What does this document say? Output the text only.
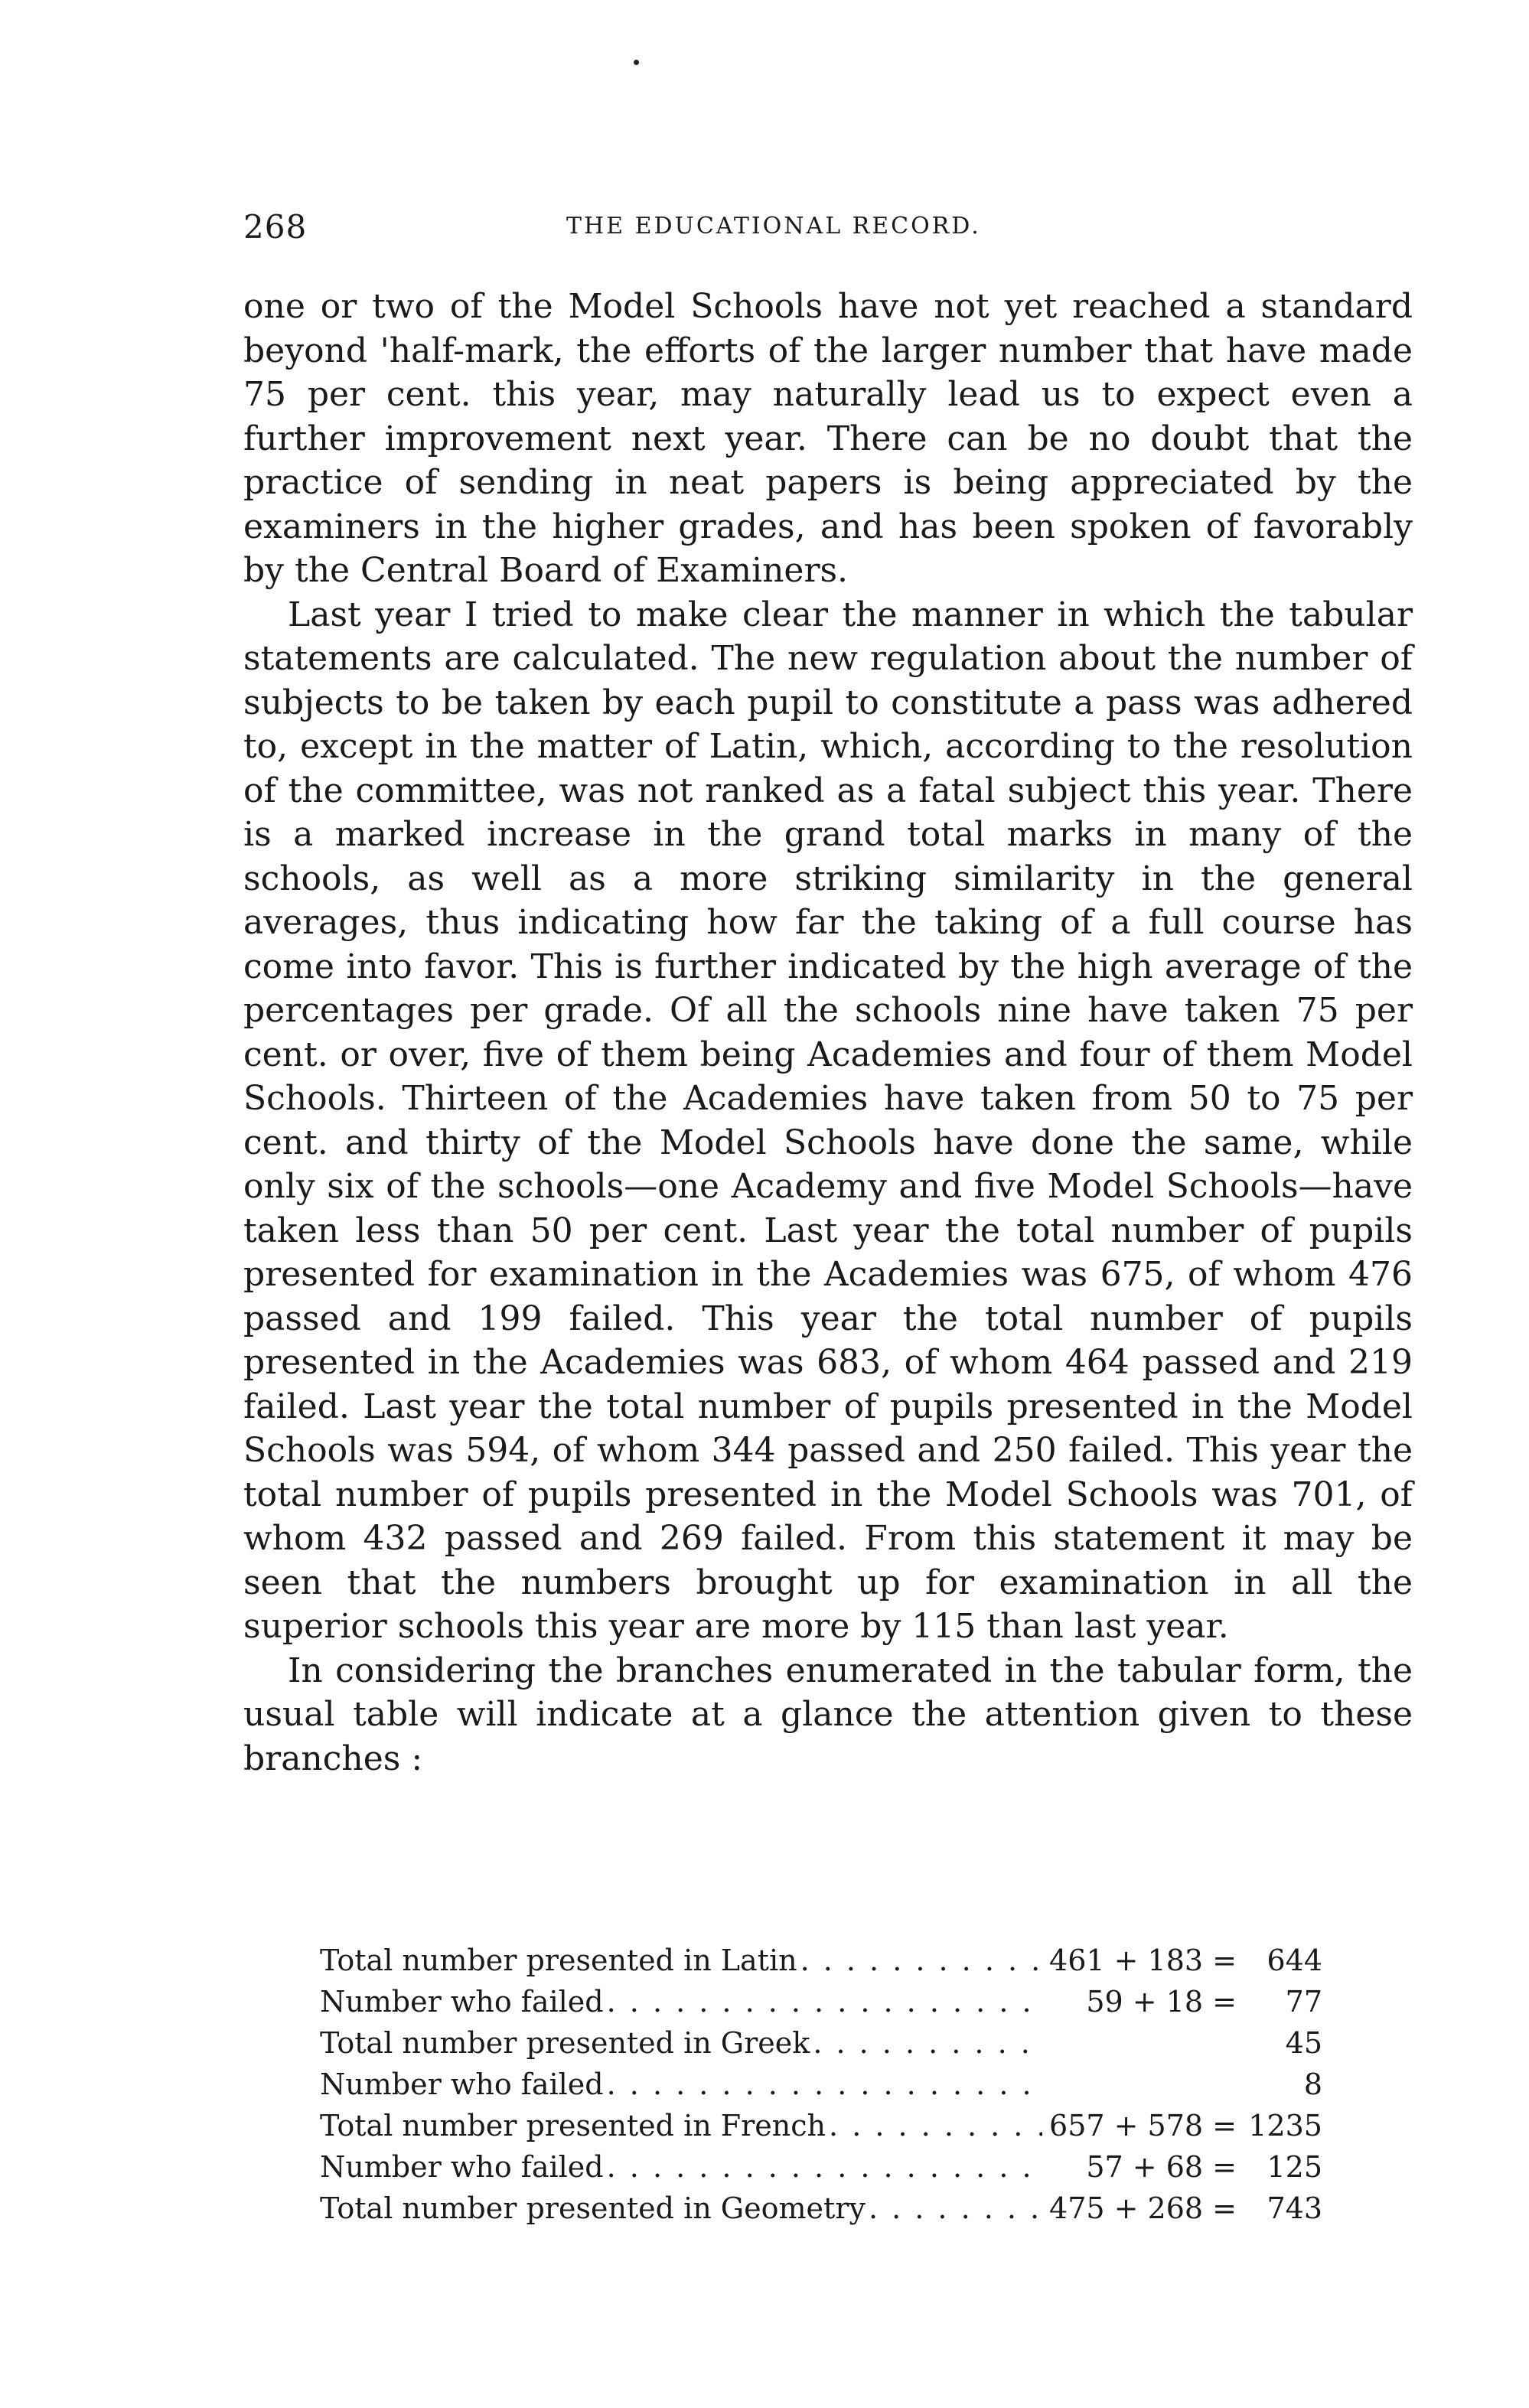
268	THE EDUCATIONAL RECORD.

one or two of the Model Schools have not yet reached a standard beyond 'half-mark, the efforts of the larger number that have made 75 per cent. this year, may naturally lead us to expect even a further improvement next year. There can be no doubt that the practice of sending in neat papers is being appreciated by the examiners in the higher grades, and has been spoken of favorably by the Central Board of Examiners.

Last year I tried to make clear the manner in which the tabular statements are calculated. The new regulation about the number of subjects to be taken by each pupil to constitute a pass was adhered to, except in the matter of Latin, which, according to the resolution of the committee, was not ranked as a fatal subject this year. There is a marked increase in the grand total marks in many of the schools, as well as a more striking similarity in the general averages, thus indicating how far the taking of a full course has come into favor. This is further indicated by the high average of the percentages per grade. Of all the schools nine have taken 75 per cent. or over, five of them being Academies and four of them Model Schools. Thirteen of the Academies have taken from 50 to 75 per cent. and thirty of the Model Schools have done the same, while only six of the schools—one Academy and five Model Schools—have taken less than 50 per cent. Last year the total number of pupils presented for examination in the Academies was 675, of whom 476 passed and 199 failed. This year the total number of pupils presented in the Academies was 683, of whom 464 passed and 219 failed. Last year the total number of pupils presented in the Model Schools was 594, of whom 344 passed and 250 failed. This year the total number of pupils presented in the Model Schools was 701, of whom 432 passed and 269 failed. From this statement it may be seen that the numbers brought up for examination in all the superior schools this year are more by 115 than last year.

In considering the branches enumerated in the tabular form, the usual table will indicate at a glance the attention given to these branches :

Total number presented in Latin . . .	461 + 183 =	644
Number who failed . . .	59 + 18 =	77
Total number presented in Greek . . .	45
Number who failed . . .	8
Total number presented in French . . .	657 + 578 = 1235
Number who failed . . .	57 + 68 =	125
Total number presented in Geometry . . .	475 + 268 =	743
